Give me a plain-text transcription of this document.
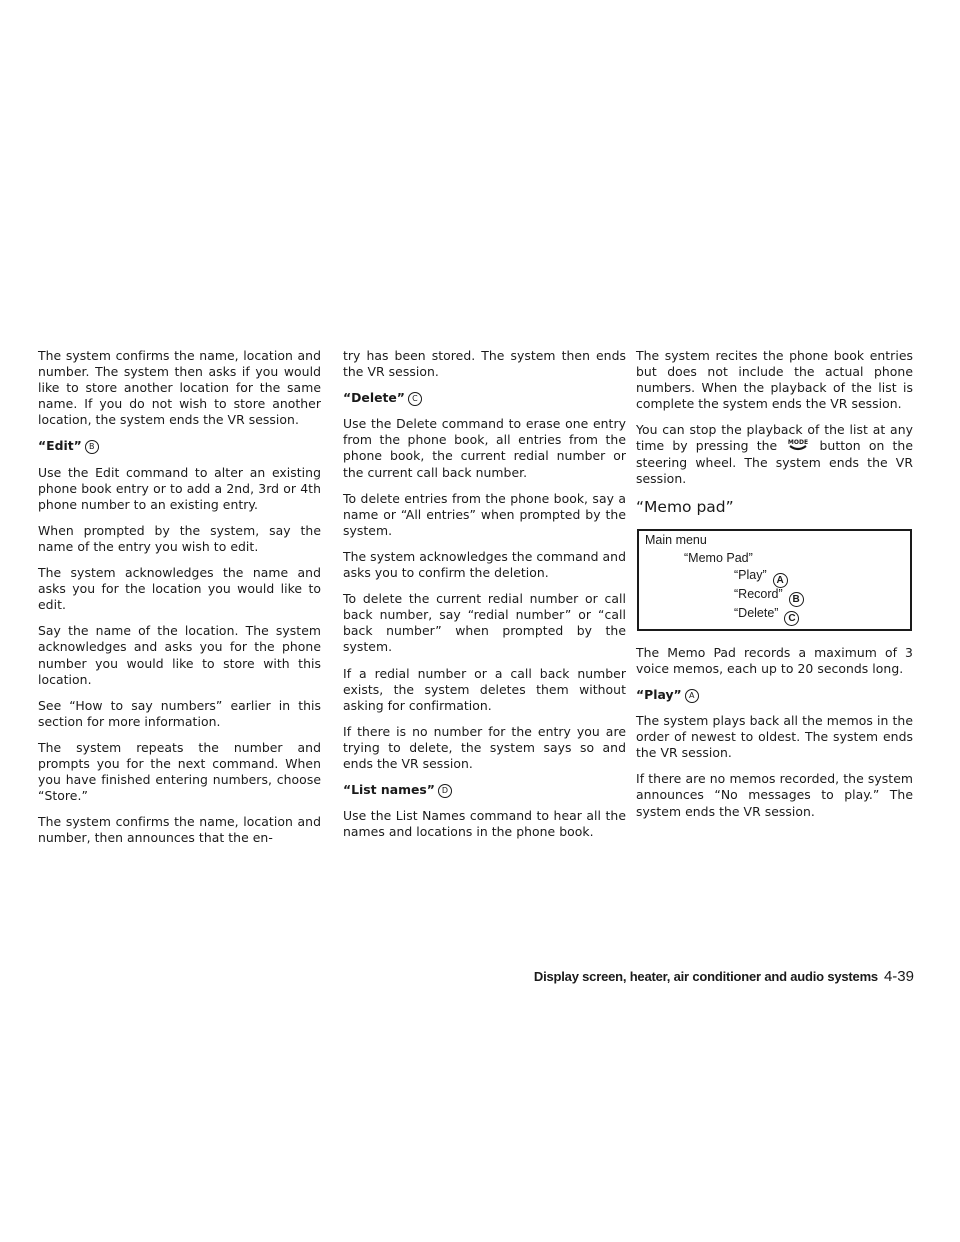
The system confirms the name, location and number. The system then asks if you would like to store another location for the same name. If you do not wish to store another location, the system ends the VR session.

“Edit” B

Use the Edit command to alter an existing phone book entry or to add a 2nd, 3rd or 4th phone number to an existing entry.

When prompted by the system, say the name of the entry you wish to edit.

The system acknowledges the name and asks you for the location you would like to edit.

Say the name of the location. The system acknowledges and asks you for the phone number you would like to store with this location.

See “How to say numbers” earlier in this section for more information.

The system repeats the number and prompts you for the next command. When you have finished entering numbers, choose “Store.”

The system confirms the name, location and number, then announces that the en-

try has been stored. The system then ends the VR session.

“Delete” C

Use the Delete command to erase one entry from the phone book, all entries from the phone book, the current redial number or the current call back number.

To delete entries from the phone book, say a name or “All entries” when prompted by the system.

The system acknowledges the command and asks you to confirm the deletion.

To delete the current redial number or call back number, say “redial number” or “call back number” when prompted by the system.

If a redial number or a call back number exists, the system deletes them without asking for confirmation.

If there is no number for the entry you are trying to delete, the system says so and ends the VR session.

“List names” D

Use the List Names command to hear all the names and locations in the phone book.

The system recites the phone book entries but does not include the actual phone numbers. When the playback of the list is complete the system ends the VR session.

You can stop the playback of the list at any time by pressing the MODE button on the steering wheel. The system ends the VR session.

“Memo pad”
Main menu
“Memo Pad”
“Play” A
“Record” B
“Delete” C

The Memo Pad records a maximum of 3 voice memos, each up to 20 seconds long.

“Play” A

The system plays back all the memos in the order of newest to oldest. The system ends the VR session.

If there are no memos recorded, the system announces “No messages to play.” The system ends the VR session.

Display screen, heater, air conditioner and audio systems 4-39
